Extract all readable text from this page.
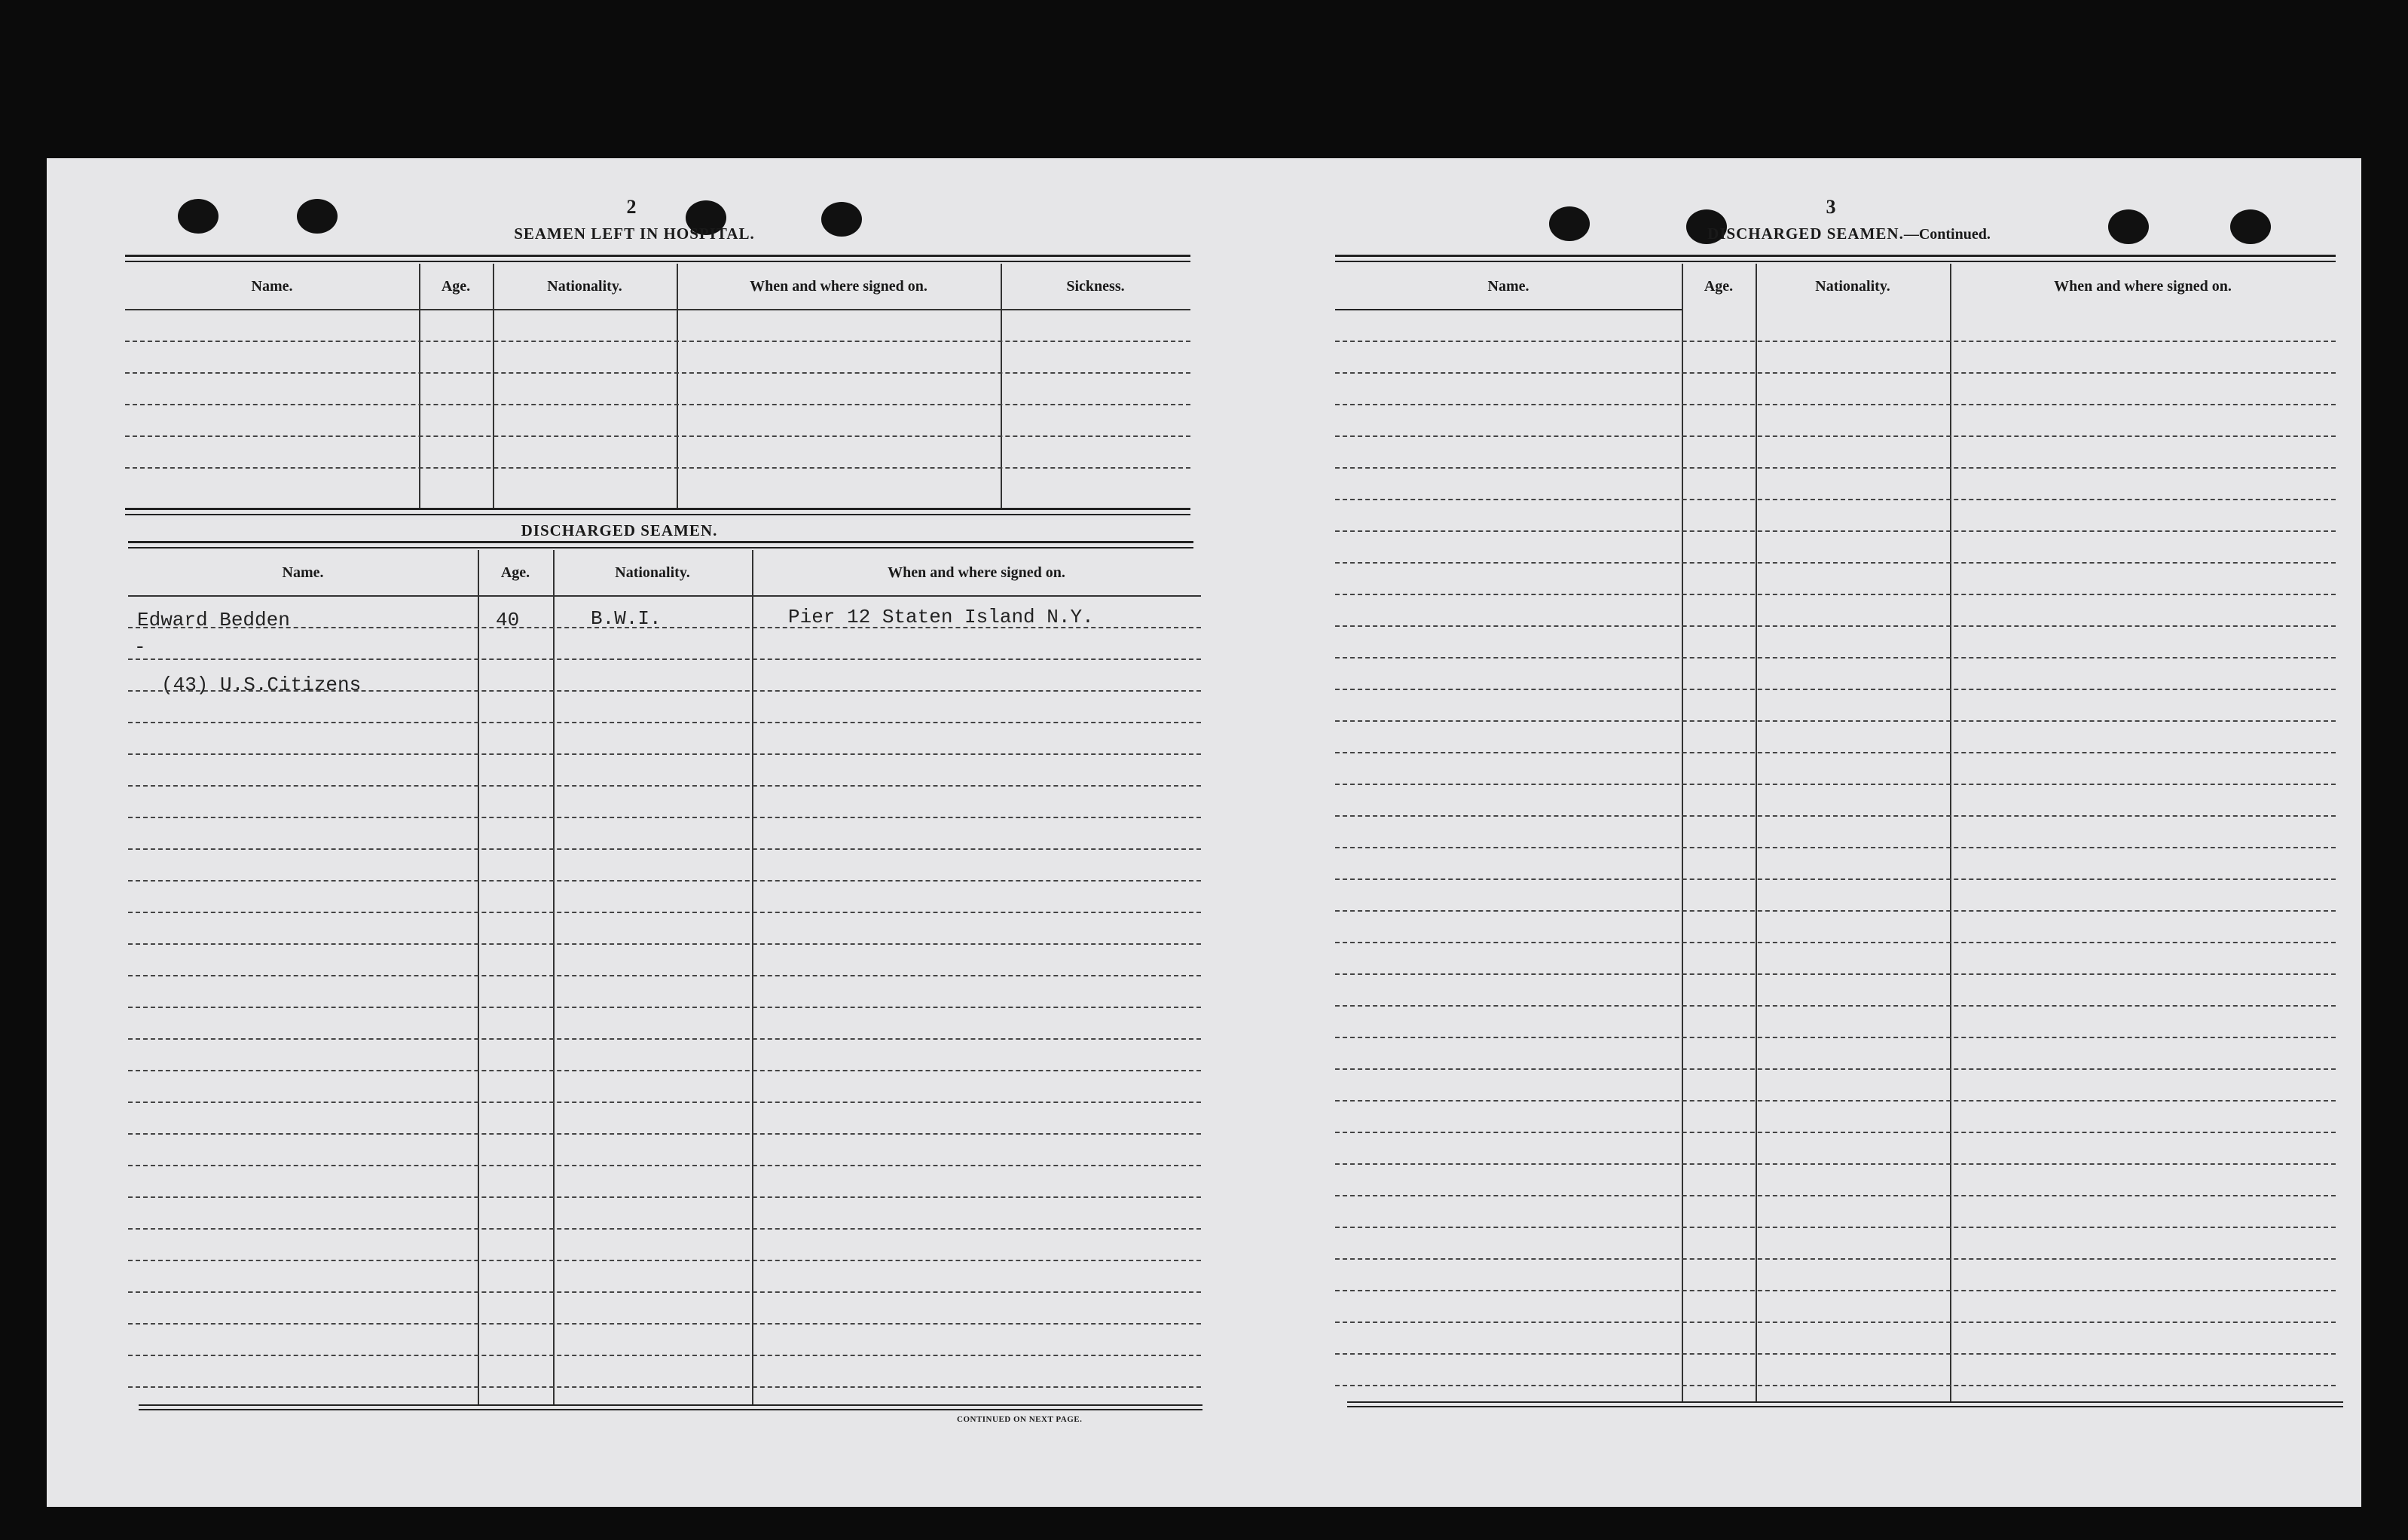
2
SEAMEN LEFT IN HOSPITAL.
Name.	Age.	Nationality.	When and where signed on.	Sickness.
DISCHARGED SEAMEN.
Name.	Age.	Nationality.	When and where signed on.
Edward Bedden	40	B.W.I.	Pier 12 Staten Island N.Y.
-
(43) U.S.Citizens
CONTINUED ON NEXT PAGE.
3
DISCHARGED SEAMEN.—Continued.
Name.	Age.	Nationality.	When and where signed on.
